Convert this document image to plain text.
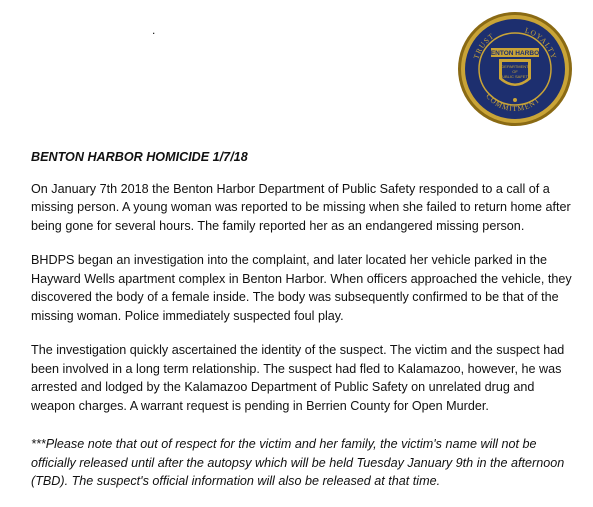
.
TRUST
LOYALTY
COMMITMENT
BENTON HARBOR
DEPARTMENT
OF
PUBLIC SAFETY
BENTON HARBOR HOMICIDE 1/7/18

On January 7th 2018 the Benton Harbor Department of Public Safety responded to a call of a missing person. A young woman was reported to be missing when she failed to return home after being gone for several hours. The family reported her as an endangered missing person.

BHDPS began an investigation into the complaint, and later located her vehicle parked in the Hayward Wells apartment complex in Benton Harbor. When officers approached the vehicle, they discovered the body of a female inside. The body was subsequently confirmed to be that of the missing woman. Police immediately suspected foul play.

The investigation quickly ascertained the identity of the suspect. The victim and the suspect had been involved in a long term relationship. The suspect had fled to Kalamazoo, however, he was arrested and lodged by the Kalamazoo Department of Public Safety on unrelated drug and weapon charges. A warrant request is pending in Berrien County for Open Murder.

***Please note that out of respect for the victim and her family, the victim's name will not be officially released until after the autopsy which will be held Tuesday January 9th in the afternoon (TBD). The suspect's official information will also be released at that time.
